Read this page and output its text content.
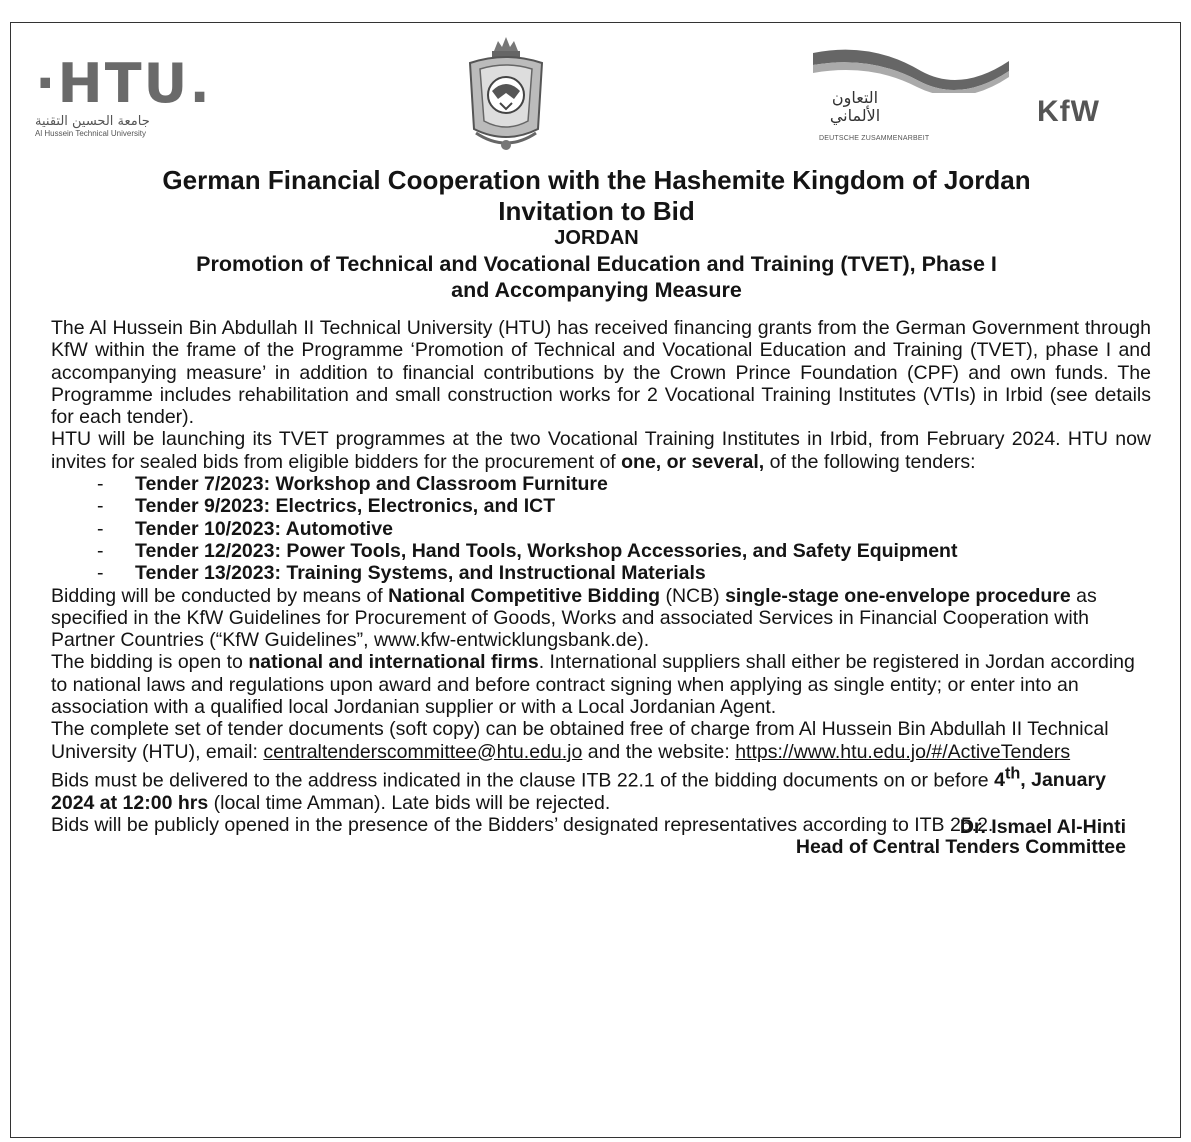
·HTU.
جامعة الحسين التقنية
Al Hussein Technical University
التعاون
الألماني
DEUTSCHE ZUSAMMENARBEIT
KfW
German Financial Cooperation with the Hashemite Kingdom of Jordan
Invitation to Bid
JORDAN
Promotion of Technical and Vocational Education and Training (TVET), Phase I
and Accompanying Measure

The Al Hussein Bin Abdullah II Technical University (HTU) has received financing grants from the German Government through KfW within the frame of the Programme ‘Promotion of Technical and Vocational Education and Training (TVET), phase I and accompanying measure’ in addition to financial contributions by the Crown Prince Foundation (CPF) and own funds. The Programme includes rehabilitation and small construction works for 2 Vocational Training Institutes (VTIs) in Irbid (see details for each tender).

HTU will be launching its TVET programmes at the two Vocational Training Institutes in Irbid, from February 2024. HTU now invites for sealed bids from eligible bidders for the procurement of one, or several, of the following tenders:

- Tender 7/2023: Workshop and Classroom Furniture
- Tender 9/2023: Electrics, Electronics, and ICT
- Tender 10/2023: Automotive
- Tender 12/2023: Power Tools, Hand Tools, Workshop Accessories, and Safety Equipment
- Tender 13/2023: Training Systems, and Instructional Materials

Bidding will be conducted by means of National Competitive Bidding (NCB) single-stage one-envelope procedure as specified in the KfW Guidelines for Procurement of Goods, Works and associated Services in Financial Cooperation with Partner Countries (“KfW Guidelines”, www.kfw-entwicklungsbank.de).

The bidding is open to national and international firms. International suppliers shall either be registered in Jordan according to national laws and regulations upon award and before contract signing when applying as single entity; or enter into an association with a qualified local Jordanian supplier or with a Local Jordanian Agent.

The complete set of tender documents (soft copy) can be obtained free of charge from Al Hussein Bin Abdullah II Technical University (HTU), email: centraltenderscommittee@htu.edu.jo and the website: https://www.htu.edu.jo/#/ActiveTenders

Bids must be delivered to the address indicated in the clause ITB 22.1 of the bidding documents on or before 4th, January 2024 at 12:00 hrs (local time Amman). Late bids will be rejected.

Bids will be publicly opened in the presence of the Bidders’ designated representatives according to ITB 25.2.

Dr. Ismael Al-Hinti
Head of Central Tenders Committee
